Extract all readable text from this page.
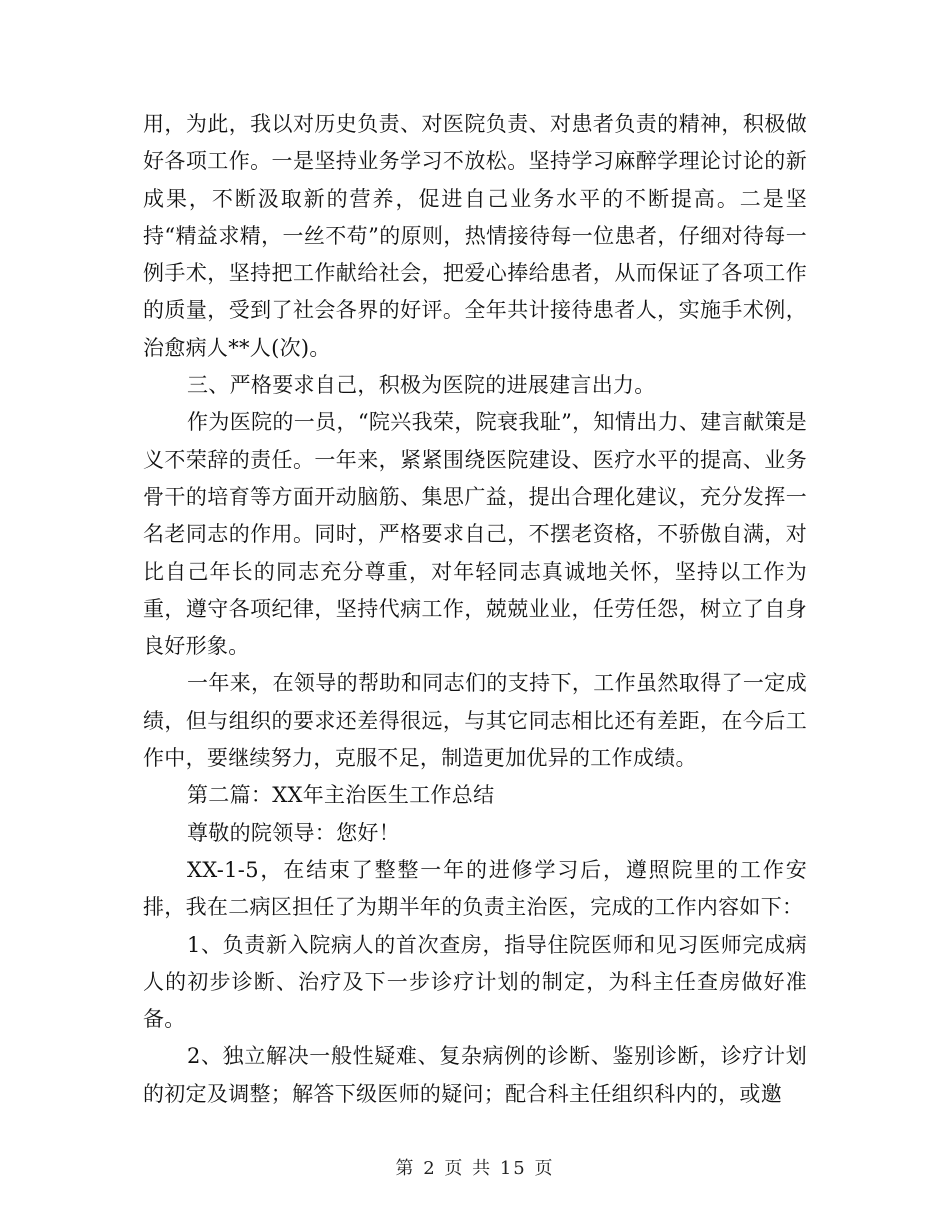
用，为此，我以对历史负责、对医院负责、对患者负责的精神，积极做好各项工作。一是坚持业务学习不放松。坚持学习麻醉学理论讨论的新成果，不断汲取新的营养，促进自己业务水平的不断提高。二是坚持“精益求精，一丝不苟”的原则，热情接待每一位患者，仔细对待每一例手术，坚持把工作献给社会，把爱心捧给患者，从而保证了各项工作的质量，受到了社会各界的好评。全年共计接待患者人，实施手术例，治愈病人**人(次)。

三、严格要求自己，积极为医院的进展建言出力。

作为医院的一员，“院兴我荣，院衰我耻”，知情出力、建言献策是义不荣辞的责任。一年来，紧紧围绕医院建设、医疗水平的提高、业务骨干的培育等方面开动脑筋、集思广益，提出合理化建议，充分发挥一名老同志的作用。同时，严格要求自己，不摆老资格，不骄傲自满，对比自己年长的同志充分尊重，对年轻同志真诚地关怀，坚持以工作为重，遵守各项纪律，坚持代病工作，兢兢业业，任劳任怨，树立了自身良好形象。

一年来，在领导的帮助和同志们的支持下，工作虽然取得了一定成绩，但与组织的要求还差得很远，与其它同志相比还有差距，在今后工作中，要继续努力，克服不足，制造更加优异的工作成绩。

第二篇：XX年主治医生工作总结

尊敬的院领导：您好！

XX-1-5，在结束了整整一年的进修学习后，遵照院里的工作安排，我在二病区担任了为期半年的负责主治医，完成的工作内容如下：

1、负责新入院病人的首次查房，指导住院医师和见习医师完成病人的初步诊断、治疗及下一步诊疗计划的制定，为科主任查房做好准备。

2、独立解决一般性疑难、复杂病例的诊断、鉴别诊断，诊疗计划的初定及调整；解答下级医师的疑问；配合科主任组织科内的，或邀

第 2 页 共 15 页
